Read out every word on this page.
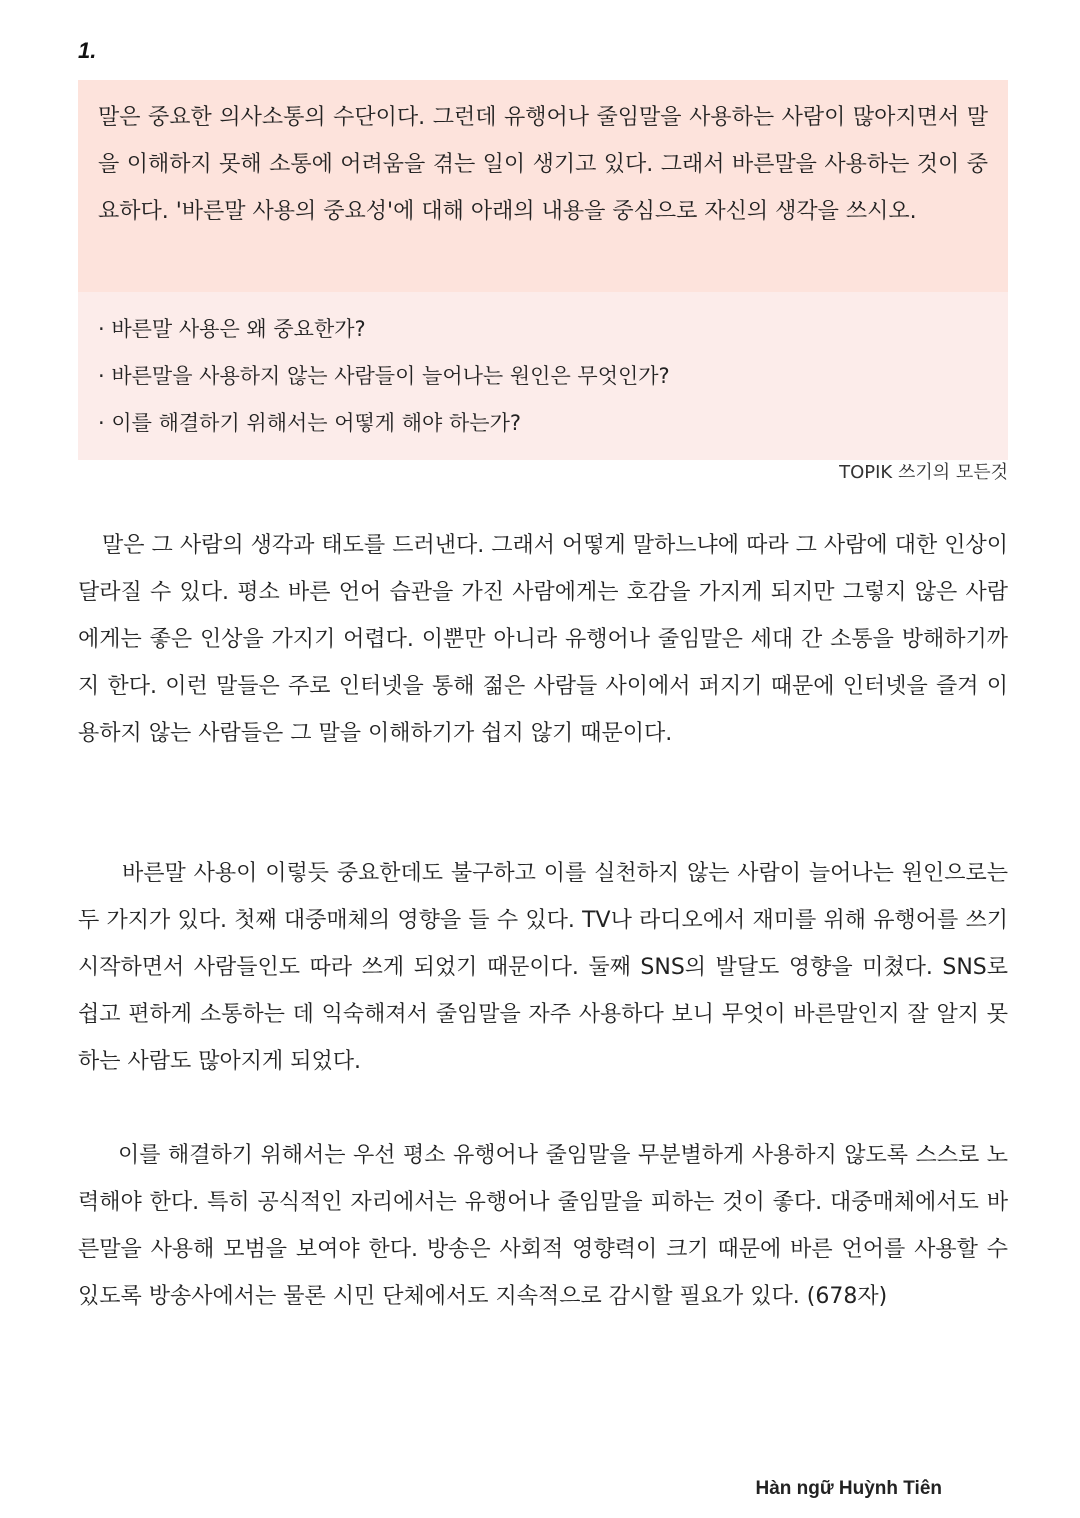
1.
말은 중요한 의사소통의 수단이다. 그런데 유행어나 줄임말을 사용하는 사람이 많아지면서 말을 이해하지 못해 소통에 어려움을 겪는 일이 생기고 있다. 그래서 바른말을 사용하는 것이 중요하다. '바른말 사용의 중요성'에 대해 아래의 내용을 중심으로 자신의 생각을 쓰시오.
· 바른말 사용은 왜 중요한가?
· 바른말을 사용하지 않는 사람들이 늘어나는 원인은 무엇인가?
· 이를 해결하기 위해서는 어떻게 해야 하는가?
TOPIK 쓰기의 모든것

말은 그 사람의 생각과 태도를 드러낸다. 그래서 어떻게 말하느냐에 따라 그 사람에 대한 인상이 달라질 수 있다. 평소 바른 언어 습관을 가진 사람에게는 호감을 가지게 되지만 그렇지 않은 사람에게는 좋은 인상을 가지기 어렵다. 이뿐만 아니라 유행어나 줄임말은 세대 간 소통을 방해하기까지 한다. 이런 말들은 주로 인터넷을 통해 젊은 사람들 사이에서 퍼지기 때문에 인터넷을 즐겨 이용하지 않는 사람들은 그 말을 이해하기가 쉽지 않기 때문이다.

바른말 사용이 이렇듯 중요한데도 불구하고 이를 실천하지 않는 사람이 늘어나는 원인으로는 두 가지가 있다. 첫째 대중매체의 영향을 들 수 있다. TV나 라디오에서 재미를 위해 유행어를 쓰기 시작하면서 사람들인도 따라 쓰게 되었기 때문이다. 둘째 SNS의 발달도 영향을 미쳤다. SNS로 쉽고 편하게 소통하는 데 익숙해져서 줄임말을 자주 사용하다 보니 무엇이 바른말인지 잘 알지 못하는 사람도 많아지게 되었다.

이를 해결하기 위해서는 우선 평소 유행어나 줄임말을 무분별하게 사용하지 않도록 스스로 노력해야 한다. 특히 공식적인 자리에서는 유행어나 줄임말을 피하는 것이 좋다. 대중매체에서도 바른말을 사용해 모범을 보여야 한다. 방송은 사회적 영향력이 크기 때문에 바른 언어를 사용할 수 있도록 방송사에서는 물론 시민 단체에서도 지속적으로 감시할 필요가 있다. (678자)

Hàn ngữ Huỳnh Tiên
